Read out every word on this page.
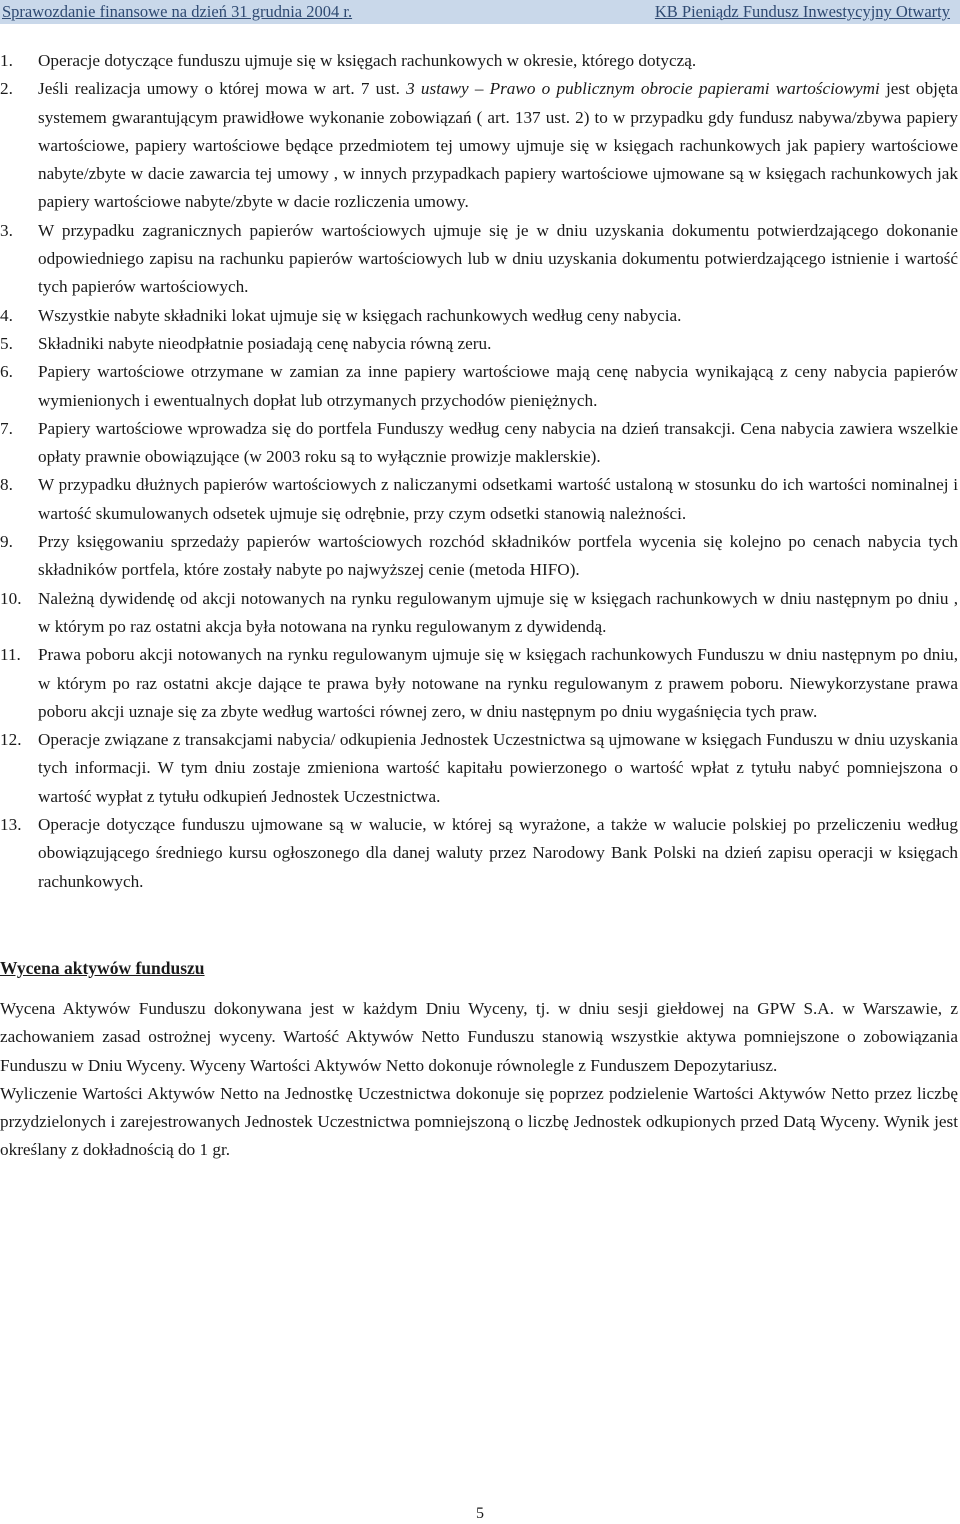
Sprawozdanie finansowe na dzień 31 grudnia 2004 r.	KB Pieniądz Fundusz Inwestycyjny Otwarty
1. Operacje dotyczące funduszu ujmuje się w księgach rachunkowych w okresie, którego dotyczą.
2. Jeśli realizacja umowy o której mowa w art. 7 ust. 3 ustawy – Prawo o publicznym obrocie papierami wartościowymi jest objęta systemem gwarantującym prawidłowe wykonanie zobowiązań ( art. 137 ust. 2) to w przypadku gdy fundusz nabywa/zbywa papiery wartościowe, papiery wartościowe będące przedmiotem tej umowy ujmuje się w księgach rachunkowych jak papiery wartościowe nabyte/zbyte w dacie zawarcia tej umowy , w innych przypadkach papiery wartościowe ujmowane są w księgach rachunkowych jak papiery wartościowe nabyte/zbyte w dacie rozliczenia umowy.
3. W przypadku zagranicznych papierów wartościowych ujmuje się je w dniu uzyskania dokumentu potwierdzającego dokonanie odpowiedniego zapisu na rachunku papierów wartościowych lub w dniu uzyskania dokumentu potwierdzającego istnienie i wartość tych papierów wartościowych.
4. Wszystkie nabyte składniki lokat ujmuje się w księgach rachunkowych według ceny nabycia.
5. Składniki nabyte nieodpłatnie posiadają cenę nabycia równą zeru.
6. Papiery wartościowe otrzymane w zamian za inne papiery wartościowe mają cenę nabycia wynikającą z ceny nabycia papierów wymienionych i ewentualnych dopłat lub otrzymanych przychodów pieniężnych.
7. Papiery wartościowe wprowadza się do portfela Funduszy według ceny nabycia na dzień transakcji. Cena nabycia zawiera wszelkie opłaty prawnie obowiązujące (w 2003 roku są to wyłącznie prowizje maklerskie).
8. W przypadku dłużnych papierów wartościowych z naliczanymi odsetkami wartość ustaloną w stosunku do ich wartości nominalnej i wartość skumulowanych odsetek ujmuje się odrębnie, przy czym odsetki stanowią należności.
9. Przy księgowaniu sprzedaży papierów wartościowych rozchód składników portfela wycenia się kolejno po cenach nabycia tych składników portfela, które zostały nabyte po najwyższej cenie (metoda HIFO).
10. Należną dywidendę od akcji notowanych na rynku regulowanym ujmuje się w księgach rachunkowych w dniu następnym po dniu , w którym po raz ostatni akcja była notowana na rynku regulowanym z dywidendą.
11. Prawa poboru akcji notowanych na rynku regulowanym ujmuje się w księgach rachunkowych Funduszu w dniu następnym po dniu, w którym po raz ostatni akcje dające te prawa były notowane na rynku regulowanym z prawem poboru. Niewykorzystane prawa poboru akcji uznaje się za zbyte według wartości równej zero, w dniu następnym po dniu wygaśnięcia tych praw.
12. Operacje związane z transakcjami nabycia/ odkupienia Jednostek Uczestnictwa są ujmowane w księgach Funduszu w dniu uzyskania tych informacji. W tym dniu zostaje zmieniona wartość kapitału powierzonego o wartość wpłat z tytułu nabyć pomniejszona o wartość wypłat z tytułu odkupień Jednostek Uczestnictwa.
13. Operacje dotyczące funduszu ujmowane są w walucie, w której są wyrażone, a także w walucie polskiej po przeliczeniu według obowiązującego średniego kursu ogłoszonego dla danej waluty przez Narodowy Bank Polski na dzień zapisu operacji w księgach rachunkowych.
Wycena aktywów funduszu

Wycena Aktywów Funduszu dokonywana jest w każdym Dniu Wyceny, tj. w dniu sesji giełdowej na GPW S.A. w Warszawie, z zachowaniem zasad ostrożnej wyceny. Wartość Aktywów Netto Funduszu stanowią wszystkie aktywa pomniejszone o zobowiązania Funduszu w Dniu Wyceny. Wyceny Wartości Aktywów Netto dokonuje równolegle z Funduszem Depozytariusz.

Wyliczenie Wartości Aktywów Netto na Jednostkę Uczestnictwa dokonuje się poprzez podzielenie Wartości Aktywów Netto przez liczbę przydzielonych i zarejestrowanych Jednostek Uczestnictwa pomniejszoną o liczbę Jednostek odkupionych przed Datą Wyceny. Wynik jest określany z dokładnością do 1 gr.

5
